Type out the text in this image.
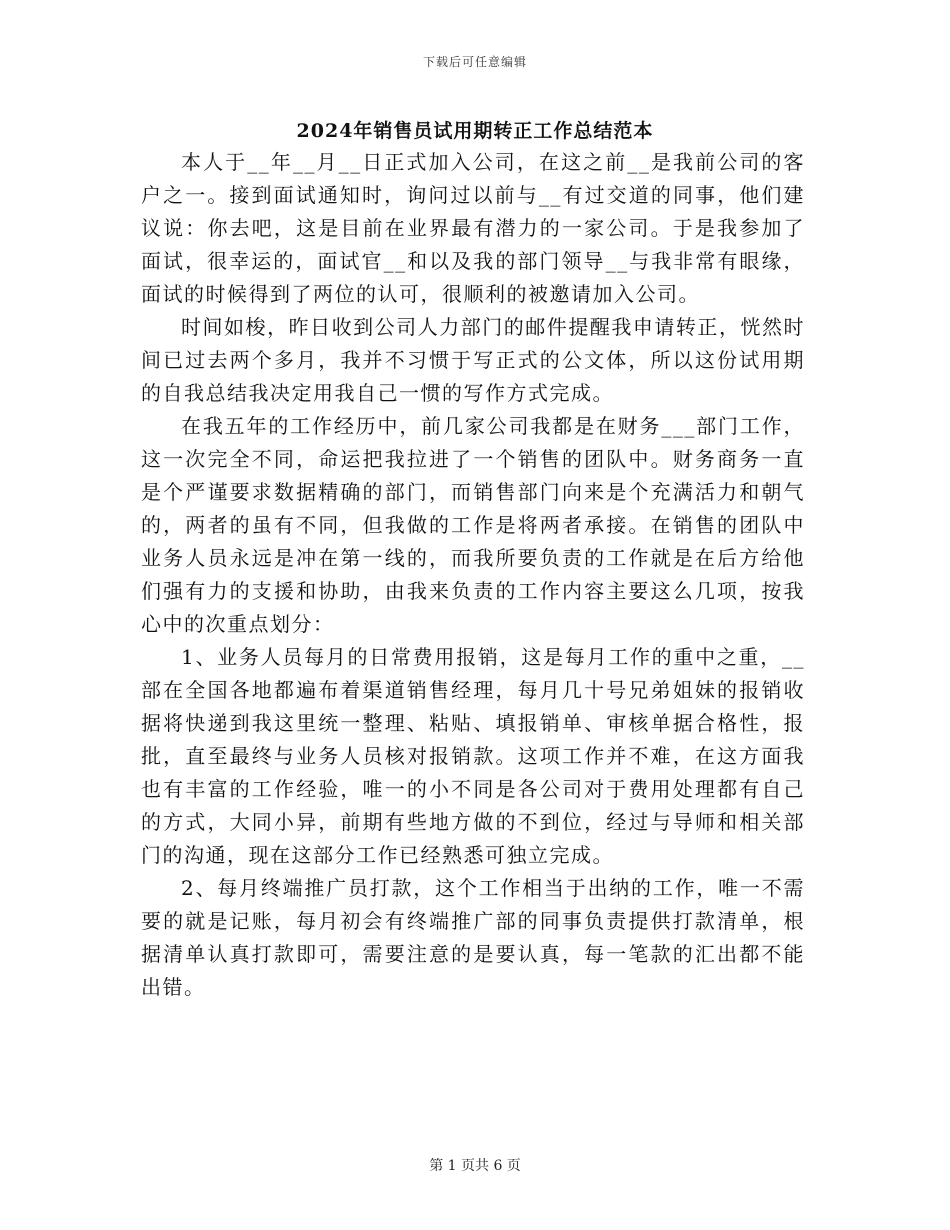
下载后可任意编辑
2024年销售员试用期转正工作总结范本

本人于__年__月__日正式加入公司，在这之前__是我前公司的客户之一。接到面试通知时，询问过以前与__有过交道的同事，他们建议说：你去吧，这是目前在业界最有潜力的一家公司。于是我参加了面试，很幸运的，面试官__和以及我的部门领导__与我非常有眼缘，面试的时候得到了两位的认可，很顺利的被邀请加入公司。

时间如梭，昨日收到公司人力部门的邮件提醒我申请转正，恍然时间已过去两个多月，我并不习惯于写正式的公文体，所以这份试用期的自我总结我决定用我自己一惯的写作方式完成。

在我五年的工作经历中，前几家公司我都是在财务___部门工作，这一次完全不同，命运把我拉进了一个销售的团队中。财务商务一直是个严谨要求数据精确的部门，而销售部门向来是个充满活力和朝气的，两者的虽有不同，但我做的工作是将两者承接。在销售的团队中业务人员永远是冲在第一线的，而我所要负责的工作就是在后方给他们强有力的支援和协助，由我来负责的工作内容主要这么几项，按我心中的次重点划分：

1、业务人员每月的日常费用报销，这是每月工作的重中之重，__部在全国各地都遍布着渠道销售经理，每月几十号兄弟姐妹的报销收据将快递到我这里统一整理、粘贴、填报销单、审核单据合格性，报批，直至最终与业务人员核对报销款。这项工作并不难，在这方面我也有丰富的工作经验，唯一的小不同是各公司对于费用处理都有自己的方式，大同小异，前期有些地方做的不到位，经过与导师和相关部门的沟通，现在这部分工作已经熟悉可独立完成。

2、每月终端推广员打款，这个工作相当于出纳的工作，唯一不需要的就是记账，每月初会有终端推广部的同事负责提供打款清单，根据清单认真打款即可，需要注意的是要认真，每一笔款的汇出都不能出错。

第 1 页共 6 页
